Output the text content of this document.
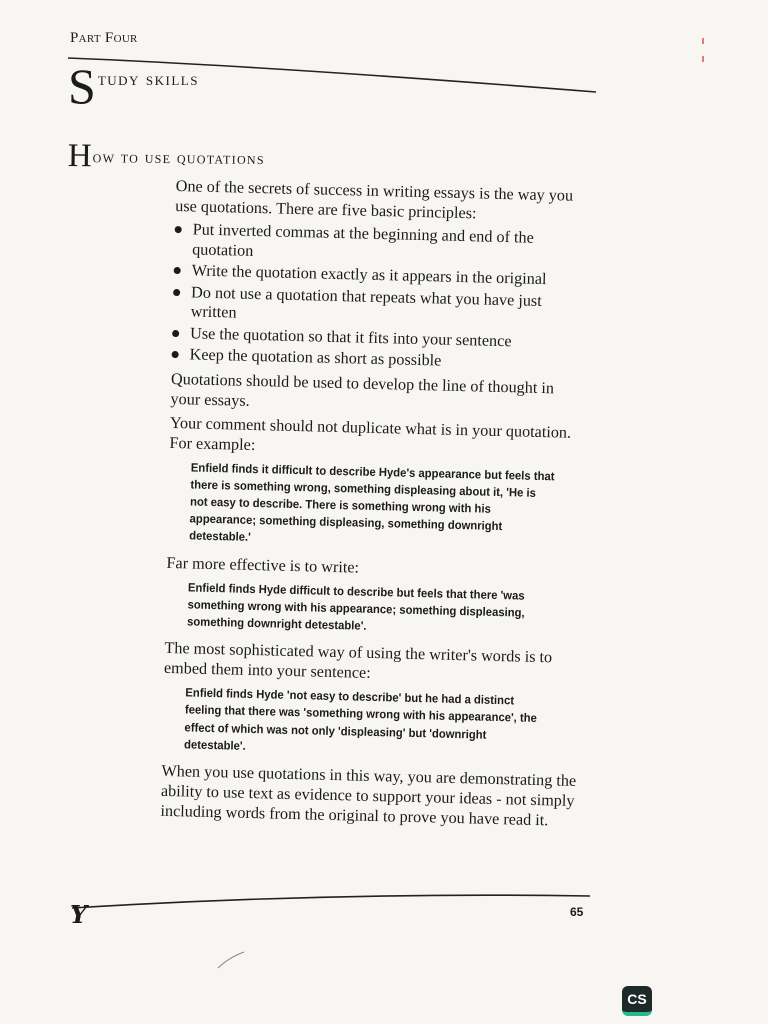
Part Four
S tudy skills
H ow to use quotations

One of the secrets of success in writing essays is the way you use quotations. There are five basic principles:

Put inverted commas at the beginning and end of the quotation
Write the quotation exactly as it appears in the original
Do not use a quotation that repeats what you have just written
Use the quotation so that it fits into your sentence
Keep the quotation as short as possible

Quotations should be used to develop the line of thought in your essays.

Your comment should not duplicate what is in your quotation. For example:

Enfield finds it difficult to describe Hyde's appearance but feels that there is something wrong, something displeasing about it, 'He is not easy to describe. There is something wrong with his appearance; something displeasing, something downright detestable.'

Far more effective is to write:

Enfield finds Hyde difficult to describe but feels that there 'was something wrong with his appearance; something displeasing, something downright detestable'.

The most sophisticated way of using the writer's words is to embed them into your sentence:

Enfield finds Hyde 'not easy to describe' but he had a distinct feeling that there was 'something wrong with his appearance', the effect of which was not only 'displeasing' but 'downright detestable'.

When you use quotations in this way, you are demonstrating the ability to use text as evidence to support your ideas - not simply including words from the original to prove you have read it.

Y	65
CS
